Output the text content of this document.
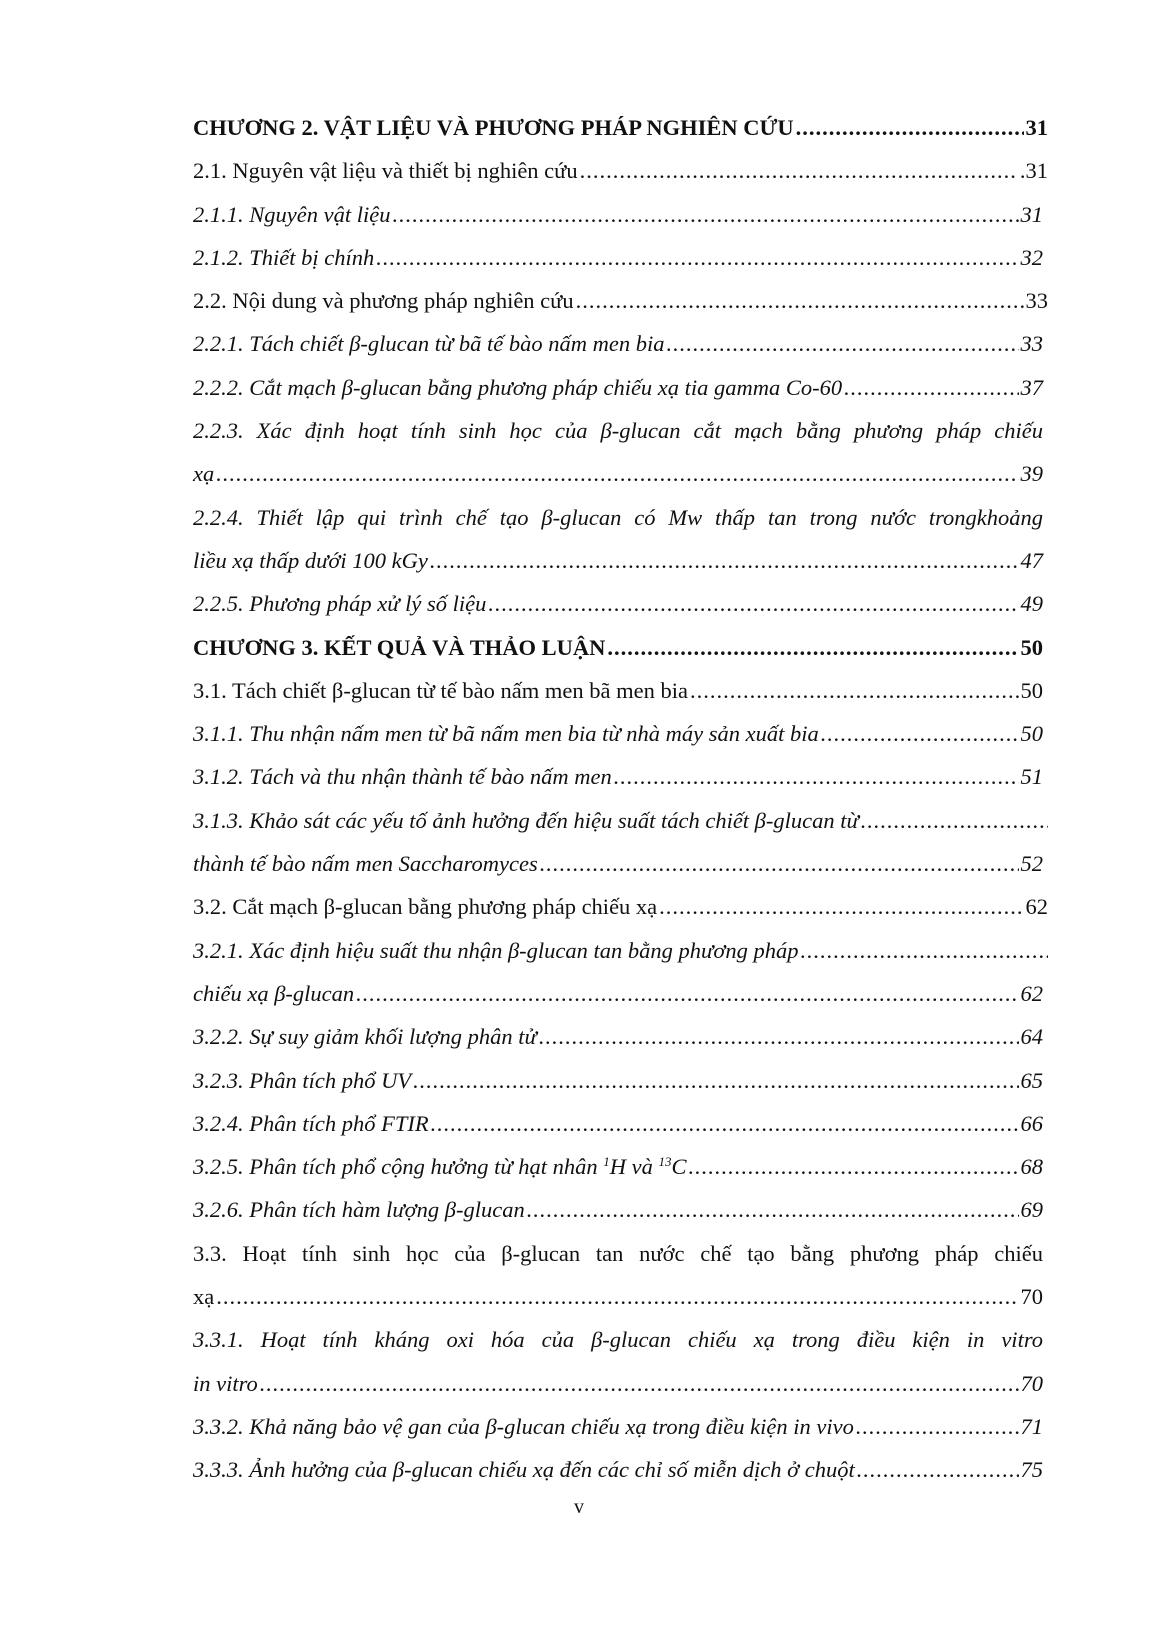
CHƯƠNG 2. VẬT LIỆU VÀ PHƯƠNG PHÁP NGHIÊN CỨU .....	31
2.1. Nguyên vật liệu và thiết bị nghiên cứu .....	.31
2.1.1. Nguyên vật liệu .....	31
2.1.2. Thiết bị chính .....	32
2.2. Nội dung và phương pháp nghiên cứu .....	33
2.2.1. Tách chiết β-glucan từ bã tế bào nấm men bia .....	33
2.2.2. Cắt mạch β-glucan bằng phương pháp chiếu xạ tia gamma Co-60 .....	37
2.2.3. Xác định hoạt tính sinh học của β-glucan cắt mạch bằng phương pháp chiếu
xạ .....	39
2.2.4. Thiết lập qui trình chế tạo β-glucan có Mw thấp tan trong nước trongkhoảng
liều xạ thấp dưới 100 kGy .....	47
2.2.5. Phương pháp xử lý số liệu .....	49
CHƯƠNG 3. KẾT QUẢ VÀ THẢO LUẬN .....	50
3.1. Tách chiết β-glucan từ tế bào nấm men bã men bia .....	50
3.1.1. Thu nhận nấm men từ bã nấm men bia từ nhà máy sản xuất bia .....	50
3.1.2. Tách và thu nhận thành tế bào nấm men .....	51
3.1.3. Khảo sát các yếu tố ảnh hưởng đến hiệu suất tách chiết β-glucan từ
.....
thành tế bào nấm men Saccharomyces .....	52
3.2. Cắt mạch β-glucan bằng phương pháp chiếu xạ .....	62
3.2.1. Xác định hiệu suất thu nhận β-glucan tan bằng phương pháp
.....
chiếu xạ β-glucan .....	62
3.2.2. Sự suy giảm khối lượng phân tử .....	64
3.2.3. Phân tích phổ UV .....	65
3.2.4. Phân tích phổ FTIR .....	66
3.2.5. Phân tích phổ cộng hưởng từ hạt nhân $^1$H và $^{13}$C .....	68
3.2.6. Phân tích hàm lượng β-glucan .....	69
3.3. Hoạt tính sinh học của β-glucan tan nước chế tạo bằng phương pháp chiếu
xạ .....	70
3.3.1. Hoạt tính kháng oxi hóa của β-glucan chiếu xạ trong điều kiện in vitro
in vitro .....	70
3.3.2. Khả năng bảo vệ gan của β-glucan chiếu xạ trong điều kiện in vivo .....	71
3.3.3. Ảnh hưởng của β-glucan chiếu xạ đến các chỉ số miễn dịch ở chuột .....	75
v
